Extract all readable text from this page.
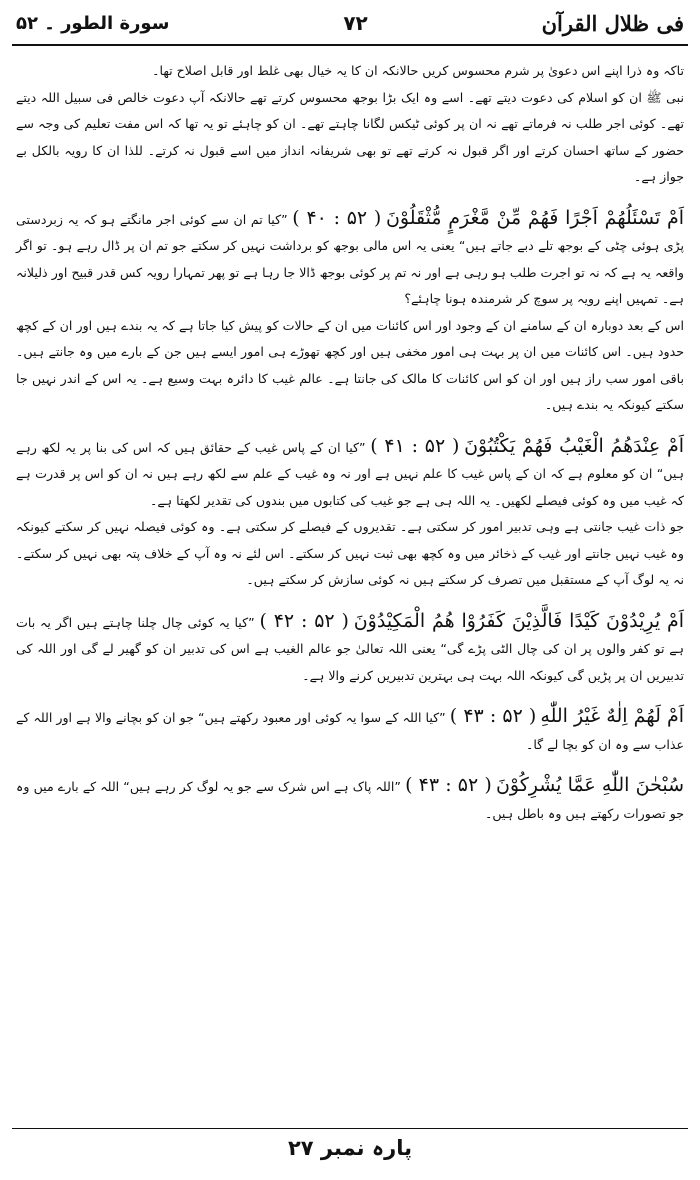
فی ظلال القرآن
۷۲
سورة الطور ۔ ۵۲

تاکہ وہ ذرا اپنے اس دعویٰ پر شرم محسوس کریں حالانکہ ان کا یہ خیال بھی غلط اور قابل اصلاح تھا۔

نبی ﷺ ان کو اسلام کی دعوت دیتے تھے۔ اسے وہ ایک بڑا بوجھ محسوس کرتے تھے حالانکہ آپ دعوت خالص فی سبیل اللہ دیتے تھے۔ کوئی اجر طلب نہ فرماتے تھے نہ ان پر کوئی ٹیکس لگانا چاہتے تھے۔ ان کو چاہئے تو یہ تھا کہ اس مفت تعلیم کی وجہ سے حضور کے ساتھ احسان کرتے اور اگر قبول نہ کرتے تھے تو بھی شریفانہ انداز میں اسے قبول نہ کرتے۔ للذا ان کا رویہ بالکل بے جواز ہے۔

اَمْ تَسْئَلُهُمْ اَجْرًا فَهُمْ مِّنْ مَّغْرَمٍ مُّثْقَلُوْنَ ( ۵۲ : ۴۰ ) ”کیا تم ان سے کوئی اجر مانگتے ہو کہ یہ زبردستی پڑی ہوئی چٹی کے بوجھ تلے دبے جاتے ہیں“ یعنی یہ اس مالی بوجھ کو برداشت نہیں کر سکتے جو تم ان پر ڈال رہے ہو۔ تو اگر واقعہ یہ ہے کہ نہ تو اجرت طلب ہو رہی ہے اور نہ تم پر کوئی بوجھ ڈالا جا رہا ہے تو پھر تمہارا رویہ کس قدر قبیح اور ذلیلانہ ہے۔ تمہیں اپنے رویہ پر سوچ کر شرمندہ ہونا چاہئے؟

اس کے بعد دوبارہ ان کے سامنے ان کے وجود اور اس کائنات میں ان کے حالات کو پیش کیا جاتا ہے کہ یہ بندے ہیں اور ان کے کچھ حدود ہیں۔ اس کائنات میں ان پر بہت ہی امور مخفی ہیں اور کچھ تھوڑے ہی امور ایسے ہیں جن کے بارے میں وہ جانتے ہیں۔ باقی امور سب راز ہیں اور ان کو اس کائنات کا مالک کی جانتا ہے۔ عالم غیب کا دائرہ بہت وسیع ہے۔ یہ اس کے اندر نہیں جا سکتے کیونکہ یہ بندے ہیں۔

اَمْ عِنْدَهُمُ الْغَيْبُ فَهُمْ يَكْتُبُوْنَ ( ۵۲ : ۴۱ ) ”کیا ان کے پاس غیب کے حقائق ہیں کہ اس کی بنا پر یہ لکھ رہے ہیں“ ان کو معلوم ہے کہ ان کے پاس غیب کا علم نہیں ہے اور نہ وہ غیب کے علم سے لکھ رہے ہیں نہ ان کو اس پر قدرت ہے کہ غیب میں وہ کوئی فیصلے لکھیں۔ یہ اللہ ہی ہے جو غیب کی کتابوں میں بندوں کی تقدیر لکھتا ہے۔

جو ذات غیب جانتی ہے وہی تدبیر امور کر سکتی ہے۔ تقدیروں کے فیصلے کر سکتی ہے۔ وہ کوئی فیصلہ نہیں کر سکتے کیونکہ وہ غیب نہیں جانتے اور غیب کے ذخائر میں وہ کچھ بھی ثبت نہیں کر سکتے۔ اس لئے نہ وہ آپ کے خلاف پتہ بھی نہیں کر سکتے۔ نہ یہ لوگ آپ کے مستقبل میں تصرف کر سکتے ہیں نہ کوئی سازش کر سکتے ہیں۔

اَمْ يُرِيْدُوْنَ كَيْدًا فَالَّذِيْنَ كَفَرُوْا هُمُ الْمَكِيْدُوْنَ ( ۵۲ : ۴۲ ) ”کیا یہ کوئی چال چلنا چاہتے ہیں اگر یہ بات ہے تو کفر والوں پر ان کی چال الٹی پڑے گی“ یعنی اللہ تعالیٰ جو عالم الغیب ہے اس کی تدبیر ان کو گھیر لے گی اور اللہ کی تدبیریں ان پر پڑیں گی کیونکہ اللہ بہت ہی بہترین تدبیریں کرنے والا ہے۔
اَمْ لَهُمْ اِلٰهٌ غَيْرُ اللّٰهِ ( ۵۲ : ۴۳ ) ”کیا اللہ کے سوا یہ کوئی اور معبود رکھتے ہیں“ جو ان کو بچانے والا ہے اور اللہ کے عذاب سے وہ ان کو بچا لے گا۔
سُبْحٰنَ اللّٰهِ عَمَّا يُشْرِكُوْنَ ( ۵۲ : ۴۳ ) ”اللہ پاک ہے اس شرک سے جو یہ لوگ کر رہے ہیں“ اللہ کے بارے میں وہ جو تصورات رکھتے ہیں وہ باطل ہیں۔
پارہ نمبر ۲۷
